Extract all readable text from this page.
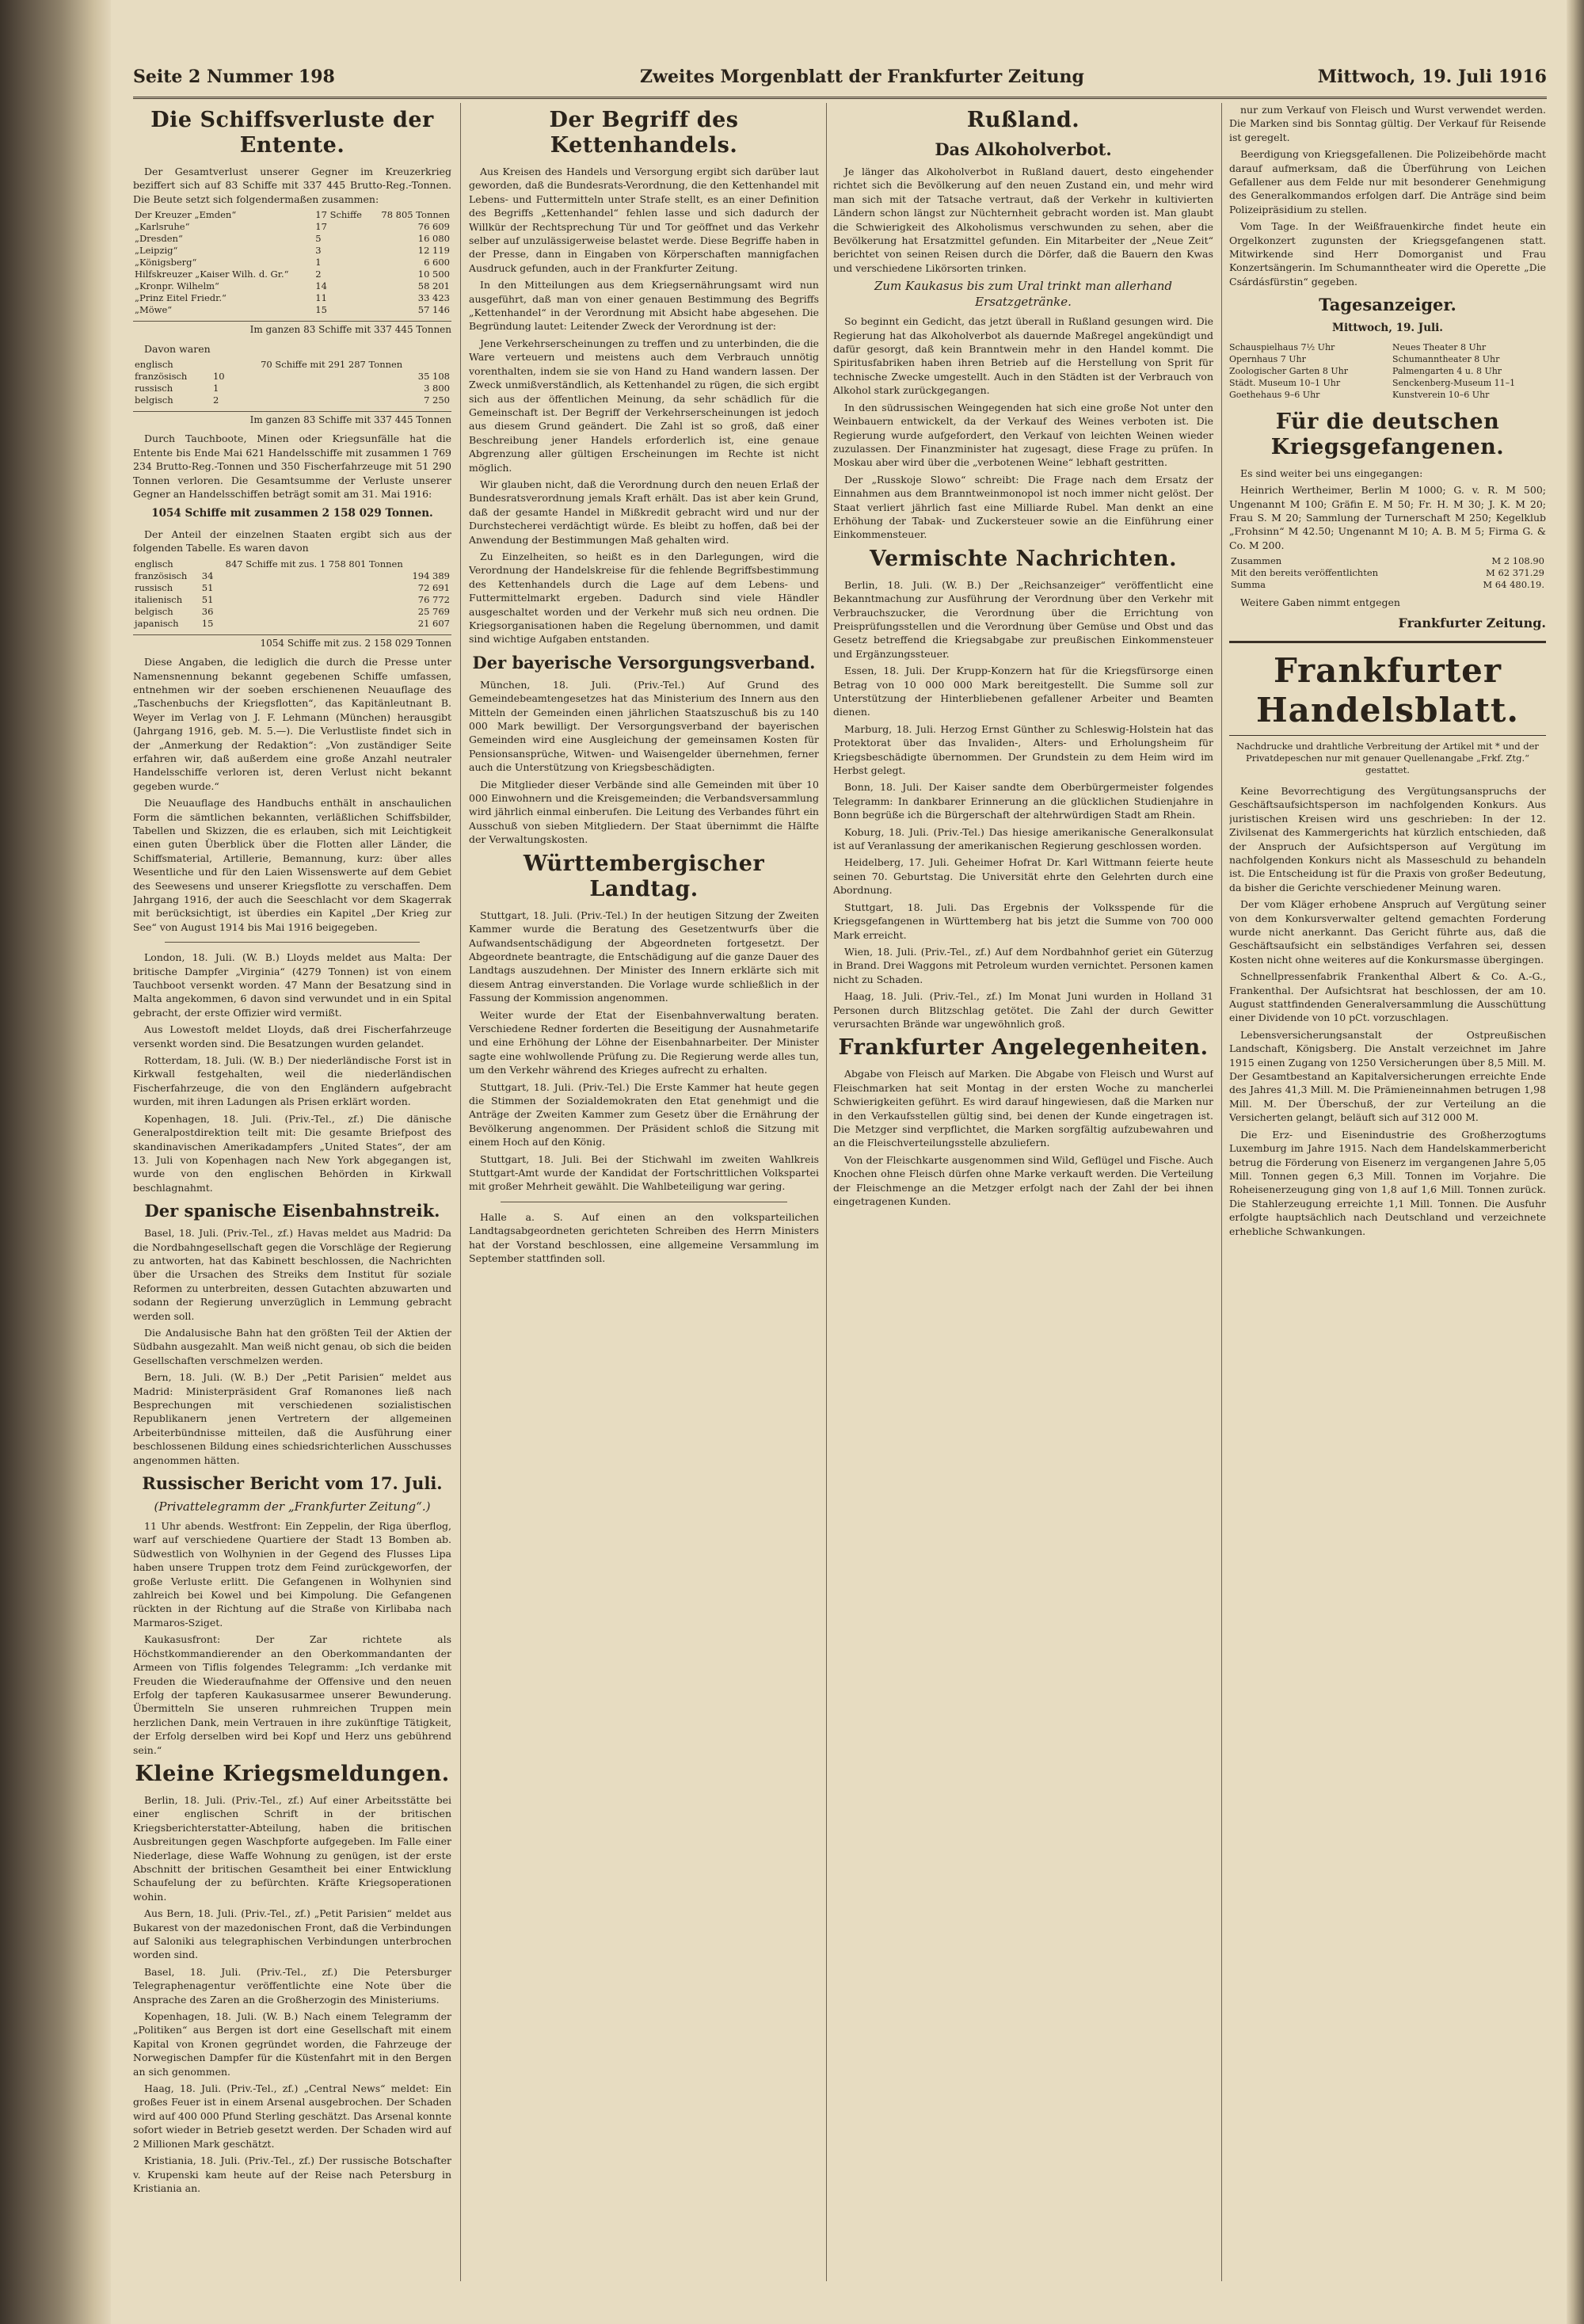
Seite 2 Nummer 198	Zweites Morgenblatt der Frankfurter Zeitung	Mittwoch, 19. Juli 1916
Die Schiffsverluste der Entente.

Der Gesamtverlust unserer Gegner im Kreuzerkrieg beziffert sich auf 83 Schiffe mit 337 445 Brutto-Reg.-Tonnen. Die Beute setzt sich folgendermaßen zusammen:

Der Kreuzer „Emden“	17 Schiffe	78 805 Tonnen
„Karlsruhe“	17	76 609
„Dresden“	5	16 080
„Leipzig“	3	12 119
„Königsberg“	1	6 600
Hilfskreuzer „Kaiser Wilh. d. Gr.“	2	10 500
„Kronpr. Wilhelm“	14	58 201
„Prinz Eitel Friedr.“	11	33 423
„Möwe“	15	57 146
Im ganzen 83 Schiffe mit 337 445 Tonnen

Davon waren

englisch	70 Schiffe mit 291 287 Tonnen	
französisch	10	35 108
russisch	1	3 800
belgisch	2	7 250
Im ganzen 83 Schiffe mit 337 445 Tonnen

Durch Tauchboote, Minen oder Kriegsunfälle hat die Entente bis Ende Mai 621 Handelsschiffe mit zusammen 1 769 234 Brutto-Reg.-Tonnen und 350 Fischerfahrzeuge mit 51 290 Tonnen verloren. Die Gesamtsumme der Verluste unserer Gegner an Handelsschiffen beträgt somit am 31. Mai 1916:

1054 Schiffe mit zusammen 2 158 029 Tonnen.

Der Anteil der einzelnen Staaten ergibt sich aus der folgenden Tabelle. Es waren davon

englisch	847 Schiffe mit zus. 1 758 801 Tonnen	
französisch	34	194 389
russisch	51	72 691
italienisch	51	76 772
belgisch	36	25 769
japanisch	15	21 607
1054 Schiffe mit zus. 2 158 029 Tonnen

Diese Angaben, die lediglich die durch die Presse unter Namensnennung bekannt gegebenen Schiffe umfassen, entnehmen wir der soeben erschienenen Neuauflage des „Taschenbuchs der Kriegsflotten“, das Kapitänleutnant B. Weyer im Verlag von J. F. Lehmann (München) herausgibt (Jahrgang 1916, geb. M. 5.—). Die Verlustliste findet sich in der „Anmerkung der Redaktion“: „Von zuständiger Seite erfahren wir, daß außerdem eine große Anzahl neutraler Handelsschiffe verloren ist, deren Verlust nicht bekannt gegeben wurde.“

Die Neuauflage des Handbuchs enthält in anschaulichen Form die sämtlichen bekannten, verläßlichen Schiffsbilder, Tabellen und Skizzen, die es erlauben, sich mit Leichtigkeit einen guten Überblick über die Flotten aller Länder, die Schiffsmaterial, Artillerie, Bemannung, kurz: über alles Wesentliche und für den Laien Wissenswerte auf dem Gebiet des Seewesens und unserer Kriegsflotte zu verschaffen. Dem Jahrgang 1916, der auch die Seeschlacht vor dem Skagerrak mit berücksichtigt, ist überdies ein Kapitel „Der Krieg zur See“ von August 1914 bis Mai 1916 beigegeben.

London, 18. Juli. (W. B.) Lloyds meldet aus Malta: Der britische Dampfer „Virginia“ (4279 Tonnen) ist von einem Tauchboot versenkt worden. 47 Mann der Besatzung sind in Malta angekommen, 6 davon sind verwundet und in ein Spital gebracht, der erste Offizier wird vermißt.

Aus Lowestoft meldet Lloyds, daß drei Fischerfahrzeuge versenkt worden sind. Die Besatzungen wurden gelandet.

Rotterdam, 18. Juli. (W. B.) Der niederländische Forst ist in Kirkwall festgehalten, weil die niederländischen Fischerfahrzeuge, die von den Engländern aufgebracht wurden, mit ihren Ladungen als Prisen erklärt worden.

Kopenhagen, 18. Juli. (Priv.-Tel., zf.) Die dänische Generalpostdirektion teilt mit: Die gesamte Briefpost des skandinavischen Amerikadampfers „United States“, der am 13. Juli von Kopenhagen nach New York abgegangen ist, wurde von den englischen Behörden in Kirkwall beschlagnahmt.

Der spanische Eisenbahnstreik.

Basel, 18. Juli. (Priv.-Tel., zf.) Havas meldet aus Madrid: Da die Nordbahngesellschaft gegen die Vorschläge der Regierung zu antworten, hat das Kabinett beschlossen, die Nachrichten über die Ursachen des Streiks dem Institut für soziale Reformen zu unterbreiten, dessen Gutachten abzuwarten und sodann der Regierung unverzüglich in Lemmung gebracht werden soll.

Die Andalusische Bahn hat den größten Teil der Aktien der Südbahn ausgezahlt. Man weiß nicht genau, ob sich die beiden Gesellschaften verschmelzen werden.

Bern, 18. Juli. (W. B.) Der „Petit Parisien“ meldet aus Madrid: Ministerpräsident Graf Romanones ließ nach Besprechungen mit verschiedenen sozialistischen Republikanern jenen Vertretern der allgemeinen Arbeiterbündnisse mitteilen, daß die Ausführung einer beschlossenen Bildung eines schiedsrichterlichen Ausschusses angenommen hätten.

Russischer Bericht vom 17. Juli.
(Privattelegramm der „Frankfurter Zeitung“.)

11 Uhr abends. Westfront: Ein Zeppelin, der Riga überflog, warf auf verschiedene Quartiere der Stadt 13 Bomben ab. Südwestlich von Wolhynien in der Gegend des Flusses Lipa haben unsere Truppen trotz dem Feind zurückgeworfen, der große Verluste erlitt. Die Gefangenen in Wolhynien sind zahlreich bei Kowel und bei Kimpolung. Die Gefangenen rückten in der Richtung auf die Straße von Kirlibaba nach Marmaros-Sziget.

Kaukasusfront: Der Zar richtete als Höchstkommandierender an den Oberkommandanten der Armeen von Tiflis folgendes Telegramm: „Ich verdanke mit Freuden die Wiederaufnahme der Offensive und den neuen Erfolg der tapferen Kaukasusarmee unserer Bewunderung. Übermitteln Sie unseren ruhmreichen Truppen mein herzlichen Dank, mein Vertrauen in ihre zukünftige Tätigkeit, der Erfolg derselben wird bei Kopf und Herz uns gebührend sein.“

Kleine Kriegsmeldungen.

Berlin, 18. Juli. (Priv.-Tel., zf.) Auf einer Arbeitsstätte bei einer englischen Schrift in der britischen Kriegsberichterstatter-Abteilung, haben die britischen Ausbreitungen gegen Waschpforte aufgegeben. Im Falle einer Niederlage, diese Waffe Wohnung zu genügen, ist der erste Abschnitt der britischen Gesamtheit bei einer Entwicklung Schaufelung der zu befürchten. Kräfte Kriegsoperationen wohin.

Aus Bern, 18. Juli. (Priv.-Tel., zf.) „Petit Parisien“ meldet aus Bukarest von der mazedonischen Front, daß die Verbindungen auf Saloniki aus telegraphischen Verbindungen unterbrochen worden sind.

Basel, 18. Juli. (Priv.-Tel., zf.) Die Petersburger Telegraphenagentur veröffentlichte eine Note über die Ansprache des Zaren an die Großherzogin des Ministeriums.

Kopenhagen, 18. Juli. (W. B.) Nach einem Telegramm der „Politiken“ aus Bergen ist dort eine Gesellschaft mit einem Kapital von Kronen gegründet worden, die Fahrzeuge der Norwegischen Dampfer für die Küstenfahrt mit in den Bergen an sich genommen.

Haag, 18. Juli. (Priv.-Tel., zf.) „Central News“ meldet: Ein großes Feuer ist in einem Arsenal ausgebrochen. Der Schaden wird auf 400 000 Pfund Sterling geschätzt. Das Arsenal konnte sofort wieder in Betrieb gesetzt werden. Der Schaden wird auf 2 Millionen Mark geschätzt.

Kristiania, 18. Juli. (Priv.-Tel., zf.) Der russische Botschafter v. Krupenski kam heute auf der Reise nach Petersburg in Kristiania an.

Der Begriff des Kettenhandels.

Aus Kreisen des Handels und Versorgung ergibt sich darüber laut geworden, daß die Bundesrats-Verordnung, die den Kettenhandel mit Lebens- und Futtermitteln unter Strafe stellt, es an einer Definition des Begriffs „Kettenhandel“ fehlen lasse und sich dadurch der Willkür der Rechtsprechung Tür und Tor geöffnet und das Verkehr selber auf unzulässigerweise belastet werde. Diese Begriffe haben in der Presse, dann in Eingaben von Körperschaften mannigfachen Ausdruck gefunden, auch in der Frankfurter Zeitung.

In den Mitteilungen aus dem Kriegsernährungsamt wird nun ausgeführt, daß man von einer genauen Bestimmung des Begriffs „Kettenhandel“ in der Verordnung mit Absicht habe abgesehen. Die Begründung lautet: Leitender Zweck der Verordnung ist der:

Jene Verkehrserscheinungen zu treffen und zu unterbinden, die die Ware verteuern und meistens auch dem Verbrauch unnötig vorenthalten, indem sie sie von Hand zu Hand wandern lassen. Der Zweck unmißverständlich, als Kettenhandel zu rügen, die sich ergibt sich aus der öffentlichen Meinung, da sehr schädlich für die Gemeinschaft ist. Der Begriff der Verkehrserscheinungen ist jedoch aus diesem Grund geändert. Die Zahl ist so groß, daß einer Beschreibung jener Handels erforderlich ist, eine genaue Abgrenzung aller gültigen Erscheinungen im Rechte ist nicht möglich.

Wir glauben nicht, daß die Verordnung durch den neuen Erlaß der Bundesratsverordnung jemals Kraft erhält. Das ist aber kein Grund, daß der gesamte Handel in Mißkredit gebracht wird und nur der Durchstecherei verdächtigt würde. Es bleibt zu hoffen, daß bei der Anwendung der Bestimmungen Maß gehalten wird.

Zu Einzelheiten, so heißt es in den Darlegungen, wird die Verordnung der Handelskreise für die fehlende Begriffsbestimmung des Kettenhandels durch die Lage auf dem Lebens- und Futtermittelmarkt ergeben. Dadurch sind viele Händler ausgeschaltet worden und der Verkehr muß sich neu ordnen. Die Kriegsorganisationen haben die Regelung übernommen, und damit sind wichtige Aufgaben entstanden.

Der bayerische Versorgungsverband.

München, 18. Juli. (Priv.-Tel.) Auf Grund des Gemeindebeamtengesetzes hat das Ministerium des Innern aus den Mitteln der Gemeinden einen jährlichen Staatszuschuß bis zu 140 000 Mark bewilligt. Der Versorgungsverband der bayerischen Gemeinden wird eine Ausgleichung der gemeinsamen Kosten für Pensionsansprüche, Witwen- und Waisengelder übernehmen, ferner auch die Unterstützung von Kriegsbeschädigten.

Die Mitglieder dieser Verbände sind alle Gemeinden mit über 10 000 Einwohnern und die Kreisgemeinden; die Verbandsversammlung wird jährlich einmal einberufen. Die Leitung des Verbandes führt ein Ausschuß von sieben Mitgliedern. Der Staat übernimmt die Hälfte der Verwaltungskosten.

Württembergischer Landtag.

Stuttgart, 18. Juli. (Priv.-Tel.) In der heutigen Sitzung der Zweiten Kammer wurde die Beratung des Gesetzentwurfs über die Aufwandsentschädigung der Abgeordneten fortgesetzt. Der Abgeordnete beantragte, die Entschädigung auf die ganze Dauer des Landtags auszudehnen. Der Minister des Innern erklärte sich mit diesem Antrag einverstanden. Die Vorlage wurde schließlich in der Fassung der Kommission angenommen.

Weiter wurde der Etat der Eisenbahnverwaltung beraten. Verschiedene Redner forderten die Beseitigung der Ausnahmetarife und eine Erhöhung der Löhne der Eisenbahnarbeiter. Der Minister sagte eine wohlwollende Prüfung zu. Die Regierung werde alles tun, um den Verkehr während des Krieges aufrecht zu erhalten.

Stuttgart, 18. Juli. (Priv.-Tel.) Die Erste Kammer hat heute gegen die Stimmen der Sozialdemokraten den Etat genehmigt und die Anträge der Zweiten Kammer zum Gesetz über die Ernährung der Bevölkerung angenommen. Der Präsident schloß die Sitzung mit einem Hoch auf den König.

Stuttgart, 18. Juli. Bei der Stichwahl im zweiten Wahlkreis Stuttgart-Amt wurde der Kandidat der Fortschrittlichen Volkspartei mit großer Mehrheit gewählt. Die Wahlbeteiligung war gering.

Halle a. S. Auf einen an den volksparteilichen Landtagsabgeordneten gerichteten Schreiben des Herrn Ministers hat der Vorstand beschlossen, eine allgemeine Versammlung im September stattfinden soll.

Rußland.
Das Alkoholverbot.

Je länger das Alkoholverbot in Rußland dauert, desto eingehender richtet sich die Bevölkerung auf den neuen Zustand ein, und mehr wird man sich mit der Tatsache vertraut, daß der Verkehr in kultivierten Ländern schon längst zur Nüchternheit gebracht worden ist. Man glaubt die Schwierigkeit des Alkoholismus verschwunden zu sehen, aber die Bevölkerung hat Ersatzmittel gefunden. Ein Mitarbeiter der „Neue Zeit“ berichtet von seinen Reisen durch die Dörfer, daß die Bauern den Kwas und verschiedene Likörsorten trinken.

Zum Kaukasus bis zum Ural trinkt man allerhand Ersatzgetränke.

So beginnt ein Gedicht, das jetzt überall in Rußland gesungen wird. Die Regierung hat das Alkoholverbot als dauernde Maßregel angekündigt und dafür gesorgt, daß kein Branntwein mehr in den Handel kommt. Die Spiritusfabriken haben ihren Betrieb auf die Herstellung von Sprit für technische Zwecke umgestellt. Auch in den Städten ist der Verbrauch von Alkohol stark zurückgegangen.

In den südrussischen Weingegenden hat sich eine große Not unter den Weinbauern entwickelt, da der Verkauf des Weines verboten ist. Die Regierung wurde aufgefordert, den Verkauf von leichten Weinen wieder zuzulassen. Der Finanzminister hat zugesagt, diese Frage zu prüfen. In Moskau aber wird über die „verbotenen Weine“ lebhaft gestritten.

Der „Russkoje Slowo“ schreibt: Die Frage nach dem Ersatz der Einnahmen aus dem Branntweinmonopol ist noch immer nicht gelöst. Der Staat verliert jährlich fast eine Milliarde Rubel. Man denkt an eine Erhöhung der Tabak- und Zuckersteuer sowie an die Einführung einer Einkommensteuer.

Vermischte Nachrichten.

Berlin, 18. Juli. (W. B.) Der „Reichsanzeiger“ veröffentlicht eine Bekanntmachung zur Ausführung der Verordnung über den Verkehr mit Verbrauchszucker, die Verordnung über die Errichtung von Preisprüfungsstellen und die Verordnung über Gemüse und Obst und das Gesetz betreffend die Kriegsabgabe zur preußischen Einkommensteuer und Ergänzungssteuer.

Essen, 18. Juli. Der Krupp-Konzern hat für die Kriegsfürsorge einen Betrag von 10 000 000 Mark bereitgestellt. Die Summe soll zur Unterstützung der Hinterbliebenen gefallener Arbeiter und Beamten dienen.

Marburg, 18. Juli. Herzog Ernst Günther zu Schleswig-Holstein hat das Protektorat über das Invaliden-, Alters- und Erholungsheim für Kriegsbeschädigte übernommen. Der Grundstein zu dem Heim wird im Herbst gelegt.

Bonn, 18. Juli. Der Kaiser sandte dem Oberbürgermeister folgendes Telegramm: In dankbarer Erinnerung an die glücklichen Studienjahre in Bonn begrüße ich die Bürgerschaft der altehrwürdigen Stadt am Rhein.

Koburg, 18. Juli. (Priv.-Tel.) Das hiesige amerikanische Generalkonsulat ist auf Veranlassung der amerikanischen Regierung geschlossen worden.

Heidelberg, 17. Juli. Geheimer Hofrat Dr. Karl Wittmann feierte heute seinen 70. Geburtstag. Die Universität ehrte den Gelehrten durch eine Abordnung.

Stuttgart, 18. Juli. Das Ergebnis der Volksspende für die Kriegsgefangenen in Württemberg hat bis jetzt die Summe von 700 000 Mark erreicht.

Wien, 18. Juli. (Priv.-Tel., zf.) Auf dem Nordbahnhof geriet ein Güterzug in Brand. Drei Waggons mit Petroleum wurden vernichtet. Personen kamen nicht zu Schaden.

Haag, 18. Juli. (Priv.-Tel., zf.) Im Monat Juni wurden in Holland 31 Personen durch Blitzschlag getötet. Die Zahl der durch Gewitter verursachten Brände war ungewöhnlich groß.

Frankfurter Angelegenheiten.

Abgabe von Fleisch auf Marken. Die Abgabe von Fleisch und Wurst auf Fleischmarken hat seit Montag in der ersten Woche zu mancherlei Schwierigkeiten geführt. Es wird darauf hingewiesen, daß die Marken nur in den Verkaufsstellen gültig sind, bei denen der Kunde eingetragen ist. Die Metzger sind verpflichtet, die Marken sorgfältig aufzubewahren und an die Fleischverteilungsstelle abzuliefern.

Von der Fleischkarte ausgenommen sind Wild, Geflügel und Fische. Auch Knochen ohne Fleisch dürfen ohne Marke verkauft werden. Die Verteilung der Fleischmenge an die Metzger erfolgt nach der Zahl der bei ihnen eingetragenen Kunden.

nur zum Verkauf von Fleisch und Wurst verwendet werden. Die Marken sind bis Sonntag gültig. Der Verkauf für Reisende ist geregelt.

Beerdigung von Kriegsgefallenen. Die Polizeibehörde macht darauf aufmerksam, daß die Überführung von Leichen Gefallener aus dem Felde nur mit besonderer Genehmigung des Generalkommandos erfolgen darf. Die Anträge sind beim Polizeipräsidium zu stellen.

Vom Tage. In der Weißfrauenkirche findet heute ein Orgelkonzert zugunsten der Kriegsgefangenen statt. Mitwirkende sind Herr Domorganist und Frau Konzertsängerin. Im Schumanntheater wird die Operette „Die Csárdásfürstin“ gegeben.

Tagesanzeiger.
Mittwoch, 19. Juli.
Schauspielhaus 7½ Uhr	Neues Theater 8 Uhr
Opernhaus 7 Uhr	Schumanntheater 8 Uhr
Zoologischer Garten 8 Uhr	Palmengarten 4 u. 8 Uhr
Städt. Museum 10–1 Uhr	Senckenberg-Museum 11–1
Goethehaus 9–6 Uhr	Kunstverein 10–6 Uhr
Für die deutschen Kriegsgefangenen.

Es sind weiter bei uns eingegangen:

Heinrich Wertheimer, Berlin M 1000; G. v. R. M 500; Ungenannt M 100; Gräfin E. M 50; Fr. H. M 30; J. K. M 20; Frau S. M 20; Sammlung der Turnerschaft M 250; Kegelklub „Frohsinn“ M 42.50; Ungenannt M 10; A. B. M 5; Firma G. & Co. M 200.

Zusammen	M 2 108.90
Mit den bereits veröffentlichten	M 62 371.29
Summa	M 64 480.19.

Weitere Gaben nimmt entgegen

Frankfurter Zeitung.
Frankfurter Handelsblatt.
Nachdrucke und drahtliche Verbreitung der Artikel mit * und der Privatdepeschen nur mit genauer Quellenangabe „Frkf. Ztg.“ gestattet.

Keine Bevorrechtigung des Vergütungsanspruchs der Geschäftsaufsichtsperson im nachfolgenden Konkurs. Aus juristischen Kreisen wird uns geschrieben: In der 12. Zivilsenat des Kammergerichts hat kürzlich entschieden, daß der Anspruch der Aufsichtsperson auf Vergütung im nachfolgenden Konkurs nicht als Masseschuld zu behandeln ist. Die Entscheidung ist für die Praxis von großer Bedeutung, da bisher die Gerichte verschiedener Meinung waren.

Der vom Kläger erhobene Anspruch auf Vergütung seiner von dem Konkursverwalter geltend gemachten Forderung wurde nicht anerkannt. Das Gericht führte aus, daß die Geschäftsaufsicht ein selbständiges Verfahren sei, dessen Kosten nicht ohne weiteres auf die Konkursmasse übergingen.

Schnellpressenfabrik Frankenthal Albert & Co. A.-G., Frankenthal. Der Aufsichtsrat hat beschlossen, der am 10. August stattfindenden Generalversammlung die Ausschüttung einer Dividende von 10 pCt. vorzuschlagen.

Lebensversicherungsanstalt der Ostpreußischen Landschaft, Königsberg. Die Anstalt verzeichnet im Jahre 1915 einen Zugang von 1250 Versicherungen über 8,5 Mill. M. Der Gesamtbestand an Kapitalversicherungen erreichte Ende des Jahres 41,3 Mill. M. Die Prämieneinnahmen betrugen 1,98 Mill. M. Der Überschuß, der zur Verteilung an die Versicherten gelangt, beläuft sich auf 312 000 M.

Die Erz- und Eisenindustrie des Großherzogtums Luxemburg im Jahre 1915. Nach dem Handelskammerbericht betrug die Förderung von Eisenerz im vergangenen Jahre 5,05 Mill. Tonnen gegen 6,3 Mill. Tonnen im Vorjahre. Die Roheisenerzeugung ging von 1,8 auf 1,6 Mill. Tonnen zurück. Die Stahlerzeugung erreichte 1,1 Mill. Tonnen. Die Ausfuhr erfolgte hauptsächlich nach Deutschland und verzeichnete erhebliche Schwankungen.
